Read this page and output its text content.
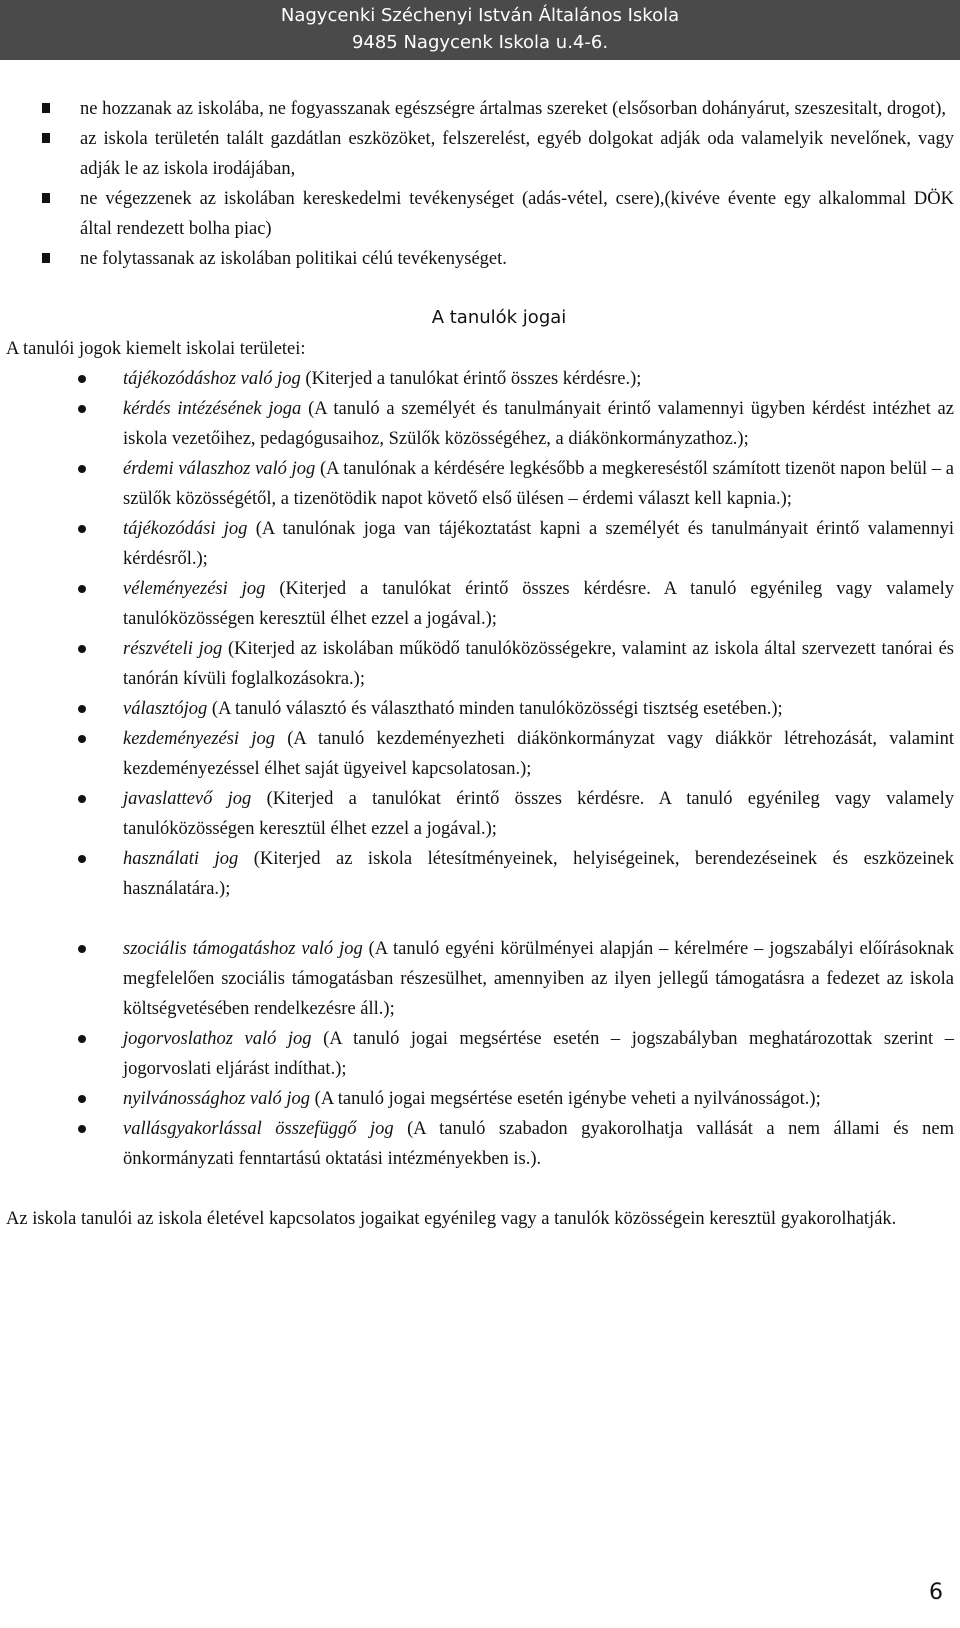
Nagycenki Széchenyi István Általános Iskola
9485 Nagycenk Iskola u.4-6.
ne hozzanak az iskolába, ne fogyasszanak egészségre ártalmas szereket (elsősorban dohányárut, szeszesitalt, drogot),
az iskola területén talált gazdátlan eszközöket, felszerelést, egyéb dolgokat adják oda valamelyik nevelőnek, vagy adják le az iskola irodájában,
ne végezzenek az iskolában kereskedelmi tevékenységet (adás-vétel, csere),(kivéve évente egy alkalommal DÖK által rendezett bolha piac)
ne folytassanak az iskolában politikai célú tevékenységet.
A tanulók jogai
A tanulói jogok kiemelt iskolai területei:
tájékozódáshoz való jog (Kiterjed a tanulókat érintő összes kérdésre.);
kérdés intézésének joga (A tanuló a személyét és tanulmányait érintő valamennyi ügyben kérdést intézhet az iskola vezetőihez, pedagógusaihoz, Szülők közösségéhez, a diákönkormányzathoz.);
érdemi válaszhoz való jog (A tanulónak a kérdésére legkésőbb a megkereséstől számított tizenöt napon belül – a szülők közösségétől, a tizenötödik napot követő első ülésen – érdemi választ kell kapnia.);
tájékozódási jog (A tanulónak joga van tájékoztatást kapni a személyét és tanulmányait érintő valamennyi kérdésről.);
véleményezési jog (Kiterjed a tanulókat érintő összes kérdésre. A tanuló egyénileg vagy valamely tanulóközösségen keresztül élhet ezzel a jogával.);
részvételi jog (Kiterjed az iskolában működő tanulóközösségekre, valamint az iskola által szervezett tanórai és tanórán kívüli foglalkozásokra.);
választójog (A tanuló választó és választható minden tanulóközösségi tisztség esetében.);
kezdeményezési jog (A tanuló kezdeményezheti diákönkormányzat vagy diákkör létrehozását, valamint kezdeményezéssel élhet saját ügyeivel kapcsolatosan.);
javaslattevő jog (Kiterjed a tanulókat érintő összes kérdésre. A tanuló egyénileg vagy valamely tanulóközösségen keresztül élhet ezzel a jogával.);
használati jog (Kiterjed az iskola létesítményeinek, helyiségeinek, berendezéseinek és eszközeinek használatára.);
szociális támogatáshoz való jog (A tanuló egyéni körülményei alapján – kérelmére – jogszabályi előírásoknak megfelelően szociális támogatásban részesülhet, amennyiben az ilyen jellegű támogatásra a fedezet az iskola költségvetésében rendelkezésre áll.);
jogorvoslathoz való jog (A tanuló jogai megsértése esetén – jogszabályban meghatározottak szerint – jogorvoslati eljárást indíthat.);
nyilvánossághoz való jog (A tanuló jogai megsértése esetén igénybe veheti a nyilvánosságot.);
vallásgyakorlással összefüggő jog (A tanuló szabadon gyakorolhatja vallását a nem állami és nem önkormányzati fenntartású oktatási intézményekben is.).
Az iskola tanulói az iskola életével kapcsolatos jogaikat egyénileg vagy a tanulók közösségein keresztül gyakorolhatják.
6
